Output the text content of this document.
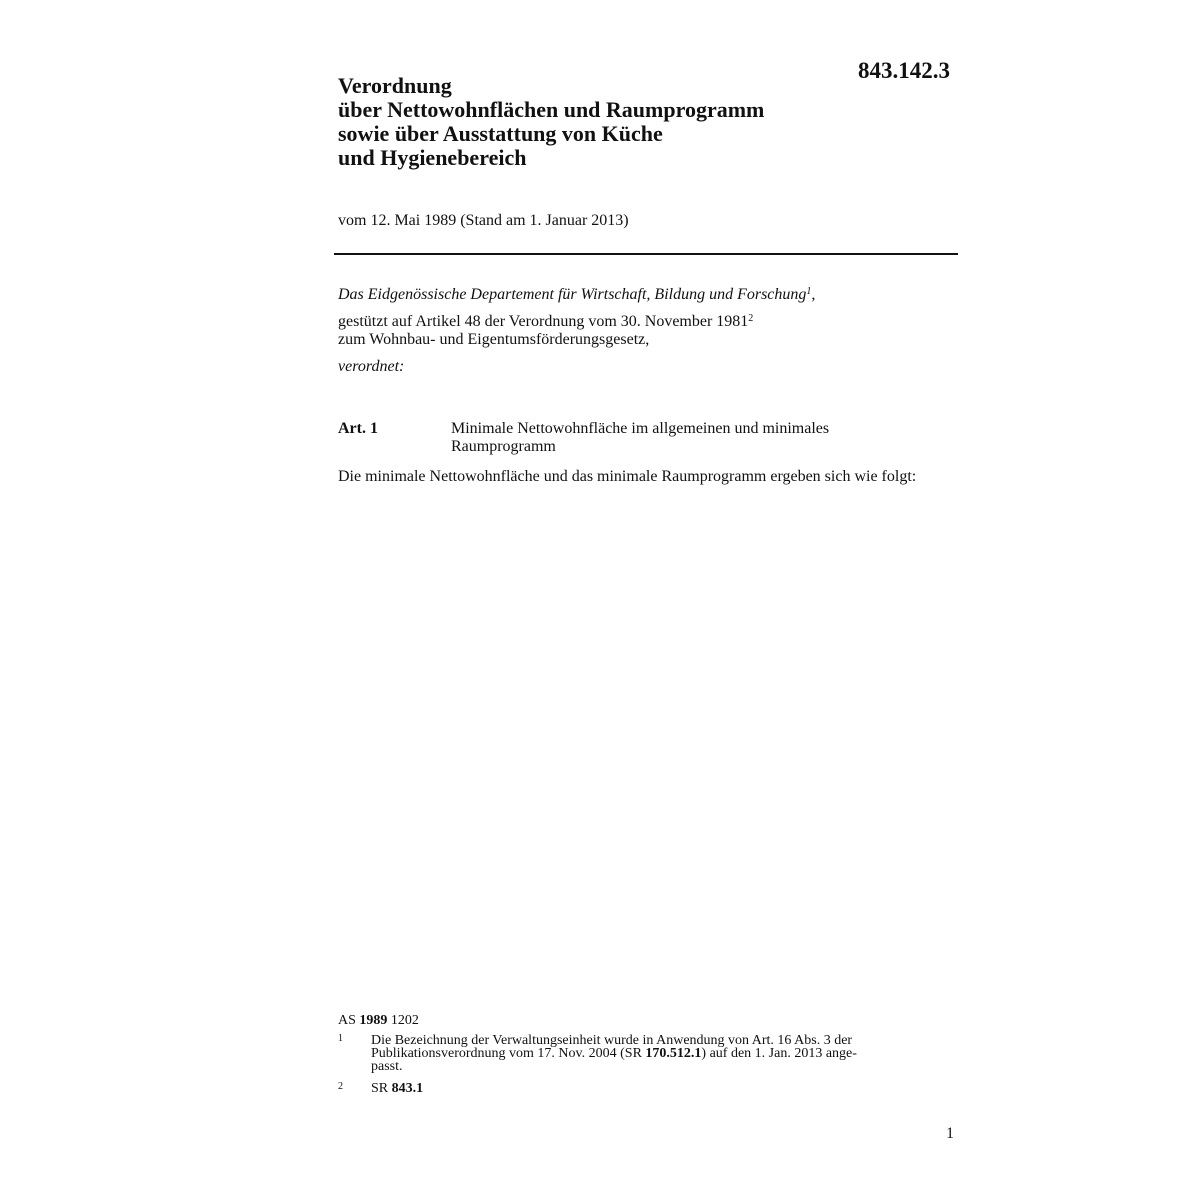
843.142.3
Verordnung
über Nettowohnflächen und Raumprogramm
sowie über Ausstattung von Küche
und Hygienebereich
vom 12. Mai 1989 (Stand am 1. Januar 2013)
Das Eidgenössische Departement für Wirtschaft, Bildung und Forschung$^1$,
gestützt auf Artikel 48 der Verordnung vom 30. November 1981$^2$
zum Wohnbau- und Eigentumsförderungsgesetz,
verordnet:
Art. 1	Minimale Nettowohnfläche im allgemeinen und minimales
Raumprogramm
Die minimale Nettowohnfläche und das minimale Raumprogramm ergeben sich wie folgt:
AS 1989 1202
1 Die Bezeichnung der Verwaltungseinheit wurde in Anwendung von Art. 16 Abs. 3 der
Publikationsverordnung vom 17. Nov. 2004 (SR 170.512.1) auf den 1. Jan. 2013 ange-
passt.
2 SR 843.1
1
